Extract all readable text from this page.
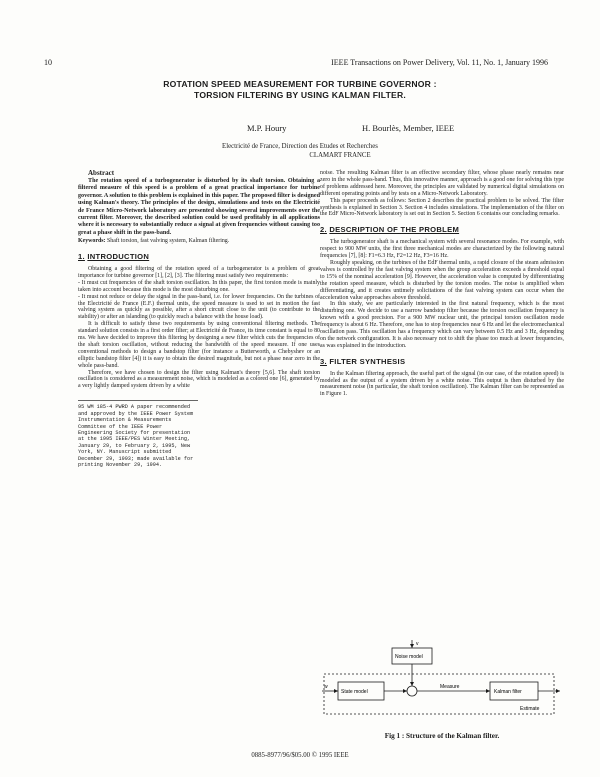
10	IEEE Transactions on Power Delivery, Vol. 11, No. 1, January 1996
ROTATION SPEED MEASUREMENT FOR TURBINE GOVERNOR :
TORSION FILTERING BY USING KALMAN FILTER.
M.P. Houry	H. Bourlès, Member, IEEE
Electricité de France, Direction des Etudes et Recherches
CLAMART FRANCE
Abstract

The rotation speed of a turbogenerator is disturbed by its shaft torsion. Obtaining a filtered measure of this speed is a problem of a great practical importance for turbine governor. A solution to this problem is explained in this paper. The proposed filter is designed using Kalman's theory. The principles of the design, simulations and tests on the Electricité de France Micro-Network laboratory are presented showing several improvements over the current filter. Moreover, the described solution could be used profitably in all applications where it is necessary to substantially reduce a signal at given frequencies without causing too great a phase shift in the pass-band.

Keywords: Shaft torsion, fast valving system, Kalman filtering.

1. INTRODUCTION

Obtaining a good filtering of the rotation speed of a turbogenerator is a problem of great importance for turbine governor [1], [2], [3]. The filtering must satisfy two requirements:

- It must cut frequencies of the shaft torsion oscillation. In this paper, the first torsion mode is mainly taken into account because this mode is the most disturbing one.

- It must not reduce or delay the signal in the pass-band, i.e. for lower frequencies. On the turbines of the Electricité de France (E.F.) thermal units, the speed measure is used to set in motion the fast valving system as quickly as possible, after a short circuit close to the unit (to contribute to the stability) or after an islanding (to quickly reach a balance with the house load).

It is difficult to satisfy these two requirements by using conventional filtering methods. The standard solution consists in a first order filter; at Electricité de France, its time constant is equal to 80 ms. We have decided to improve this filtering by designing a new filter which cuts the frequencies of the shaft torsion oscillation, without reducing the bandwidth of the speed measure. If one uses conventional methods to design a bandstop filter (for instance a Butterworth, a Chebyshev or an elliptic bandstop filter [4]) it is easy to obtain the desired magnitude, but not a phase near zero in the whole pass-band.

Therefore, we have chosen to design the filter using Kalman's theory [5,6]. The shaft torsion oscillation is considered as a measurement noise, which is modeled as a colored one [6], generated by a very lightly damped system driven by a white

95 WM 185-4 PWRD A paper recommended and approved by the IEEE Power System Instrumentation & Measurements Committee of the IEEE Power Engineering Society for presentation at the 1995 IEEE/PES Winter Meeting, January 29, to February 2, 1995, New York, NY. Manuscript submitted December 29, 1993; made available for printing November 29, 1994.

noise. The resulting Kalman filter is an effective secondary filter, whose phase nearly remains near zero in the whole pass-band. Thus, this innovative manner, approach is a good one for solving this type of problems addressed here. Moreover, the principles are validated by numerical digital simulations on different operating points and by tests on a Micro-Network Laboratory.

This paper proceeds as follows: Section 2 describes the practical problem to be solved. The filter synthesis is explained in Section 3. Section 4 includes simulations. The implementation of the filter on the EdF Micro-Network laboratory is set out in Section 5. Section 6 contains our concluding remarks.

2. DESCRIPTION OF THE PROBLEM

The turbogenerator shaft is a mechanical system with several resonance modes. For example, with respect to 900 MW units, the first three mechanical modes are characterized by the following natural frequencies [7], [8]: F1=6.3 Hz, F2=12 Hz, F3=16 Hz.

Roughly speaking, on the turbines of the EdF thermal units, a rapid closure of the steam admission valves is controlled by the fast valving system when the group acceleration exceeds a threshold equal to 15% of the nominal acceleration [9]. However, the acceleration value is computed by differentiating the rotation speed measure, which is disturbed by the torsion modes. The noise is amplified when differentiating, and it creates untimely solicitations of the fast valving system can occur when the acceleration value approaches above threshold.

In this study, we are particularly interested in the first natural frequency, which is the most disturbing one. We decide to use a narrow bandstop filter because the torsion oscillation frequency is known with a good precision. For a 900 MW nuclear unit, the principal torsion oscillation mode frequency is about 6 Hz. Therefore, one has to stop frequencies near 6 Hz and let the electromechanical oscillation pass. This oscillation has a frequency which can vary between 0.5 Hz and 3 Hz, depending on the network configuration. It is also necessary not to shift the phase too much at lower frequencies, as was explained in the introduction.

3. FILTER SYNTHESIS

In the Kalman filtering approach, the useful part of the signal (in our case, of the rotation speed) is modeled as the output of a system driven by a white noise. This output is then disturbed by the measurement noise (in particular, the shaft torsion oscillation). The Kalman filter can be represented as in Figure 1.

w
v
State model
Noise model
Measure
Kalman filter
Estimate
Fig 1 : Structure of the Kalman filter.
0885-8977/96/$05.00 © 1995 IEEE
